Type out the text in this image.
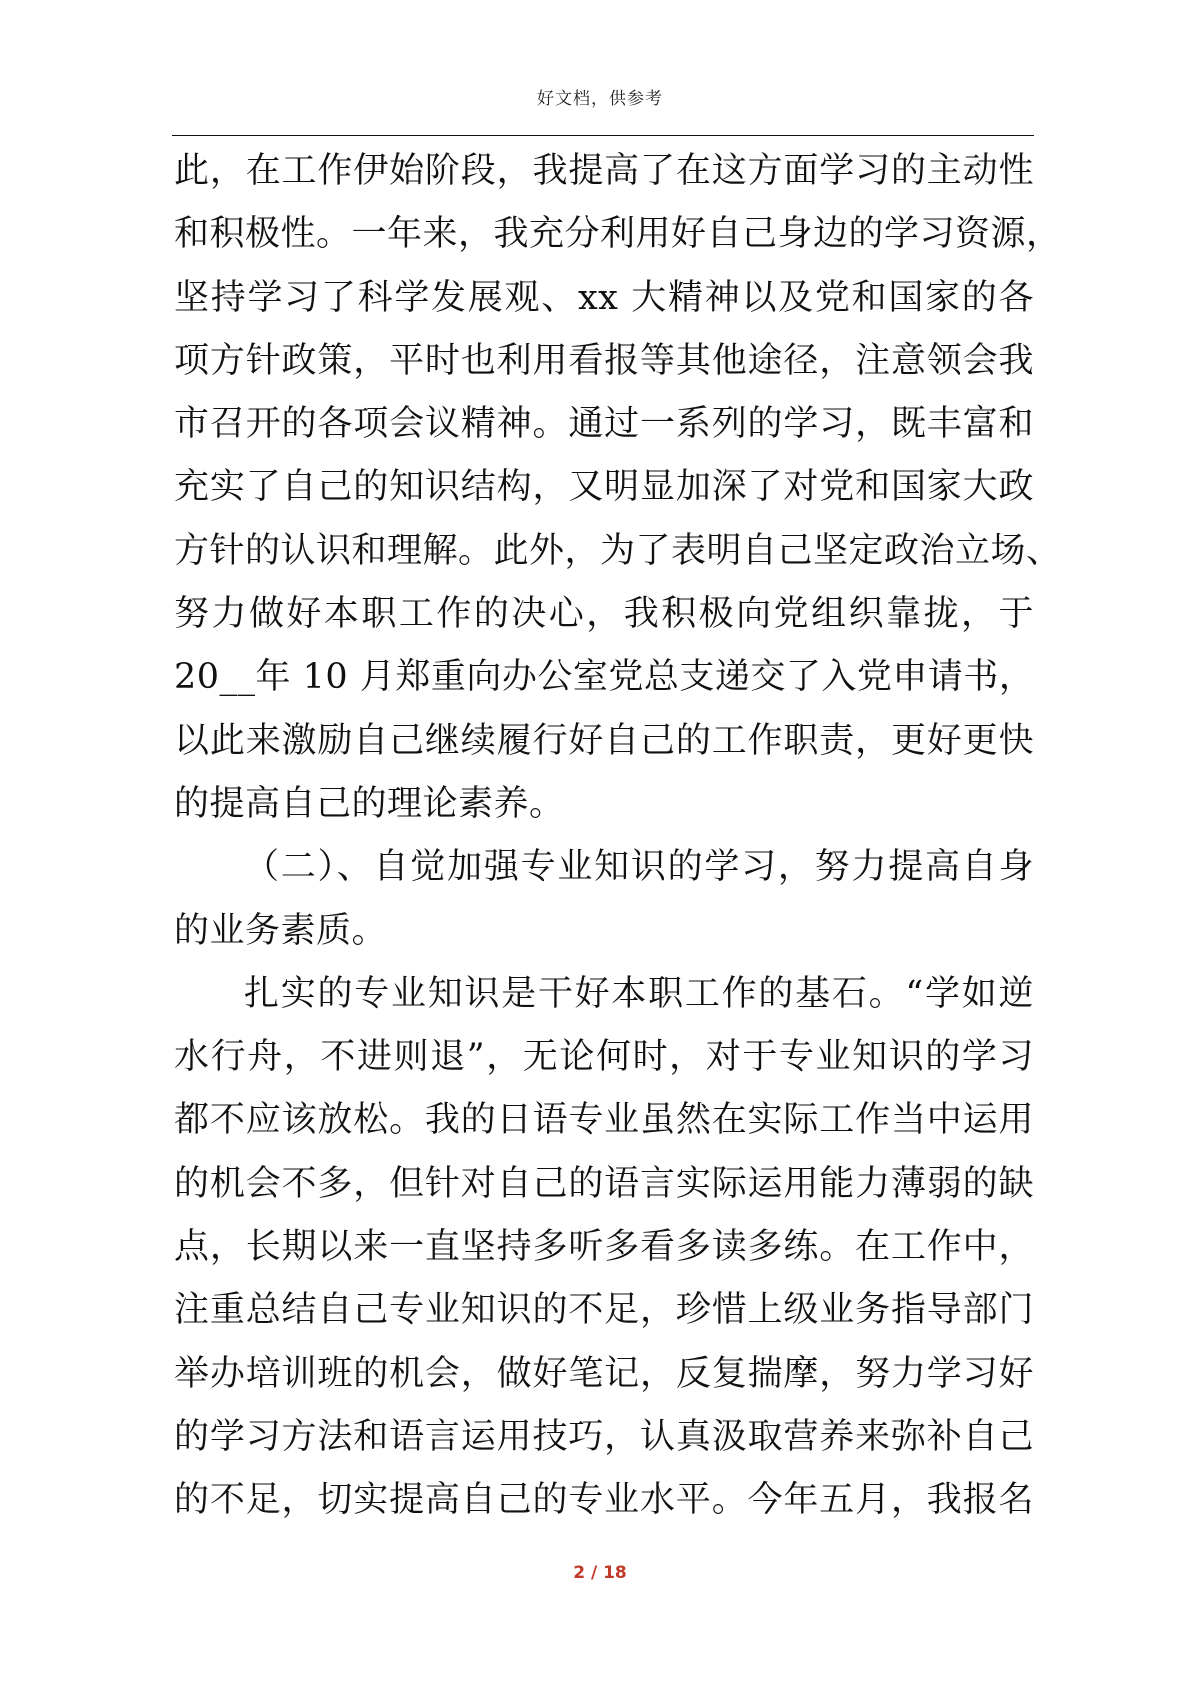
好文档，供参考
此，在工作伊始阶段，我提高了在这方面学习的主动性
和积极性。一年来，我充分利用好自己身边的学习资源，
坚持学习了科学发展观、xx 大精神以及党和国家的各
项方针政策，平时也利用看报等其他途径，注意领会我
市召开的各项会议精神。通过一系列的学习，既丰富和
充实了自己的知识结构，又明显加深了对党和国家大政
方针的认识和理解。此外，为了表明自己坚定政治立场、
努力做好本职工作的决心，我积极向党组织靠拢，于
20__年 10 月郑重向办公室党总支递交了入党申请书，
以此来激励自己继续履行好自己的工作职责，更好更快
的提高自己的理论素养。
（二）、自觉加强专业知识的学习，努力提高自身
的业务素质。
扎实的专业知识是干好本职工作的基石。“学如逆
水行舟，不进则退”，无论何时，对于专业知识的学习
都不应该放松。我的日语专业虽然在实际工作当中运用
的机会不多，但针对自己的语言实际运用能力薄弱的缺
点，长期以来一直坚持多听多看多读多练。在工作中，
注重总结自己专业知识的不足，珍惜上级业务指导部门
举办培训班的机会，做好笔记，反复揣摩，努力学习好
的学习方法和语言运用技巧，认真汲取营养来弥补自己
的不足，切实提高自己的专业水平。今年五月，我报名
2 / 18
